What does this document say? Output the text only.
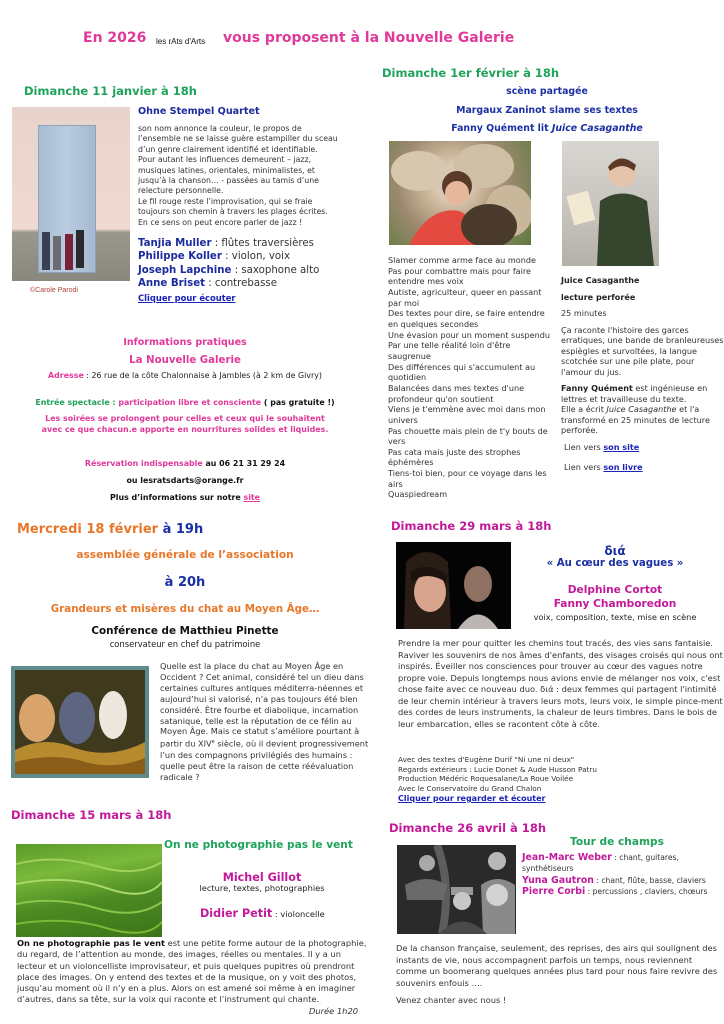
En 2026 les rAts d'Arts vous proposent à la Nouvelle Galerie
Dimanche 11 janvier à 18h
©Carole Parodi
Ohne Stempel Quartet
son nom annonce la couleur, le propos de
l’ensemble ne se laisse guère estampiller du sceau
d’un genre clairement identifié et identifiable.
Pour autant les influences demeurent – jazz,
musiques latines, orientales, minimalistes, et
jusqu’à la chanson… - passées au tamis d’une
relecture personnelle.
Le fil rouge reste l’improvisation, qui se fraie
toujours son chemin à travers les plages écrites.
En ce sens on peut encore parler de jazz !
Tanjia Muller : flûtes traversières
Philippe Koller : violon, voix
Joseph Lapchine : saxophone alto
Anne Briset : contrebasse
Cliquer pour écouter
Informations pratiques
La Nouvelle Galerie
Adresse : 26 rue de la côte Chalonnaise à Jambles (à 2 km de Givry)
Entrée spectacle : participation libre et consciente ( pas gratuite !)
Les soirées se prolongent pour celles et ceux qui le souhaitent
avec ce que chacun.e apporte en nourritures solides et liquides.
Réservation indispensable au 06 21 31 29 24
ou lesratsdarts@orange.fr
Plus d’informations sur notre site
Dimanche 1er février à 18h
scène partagée
Margaux Zaninot slame ses textes
Fanny Quément lit Juice Casaganthe
Slamer comme arme face au monde
Pas pour combattre mais pour faire entendre mes voix
Autiste, agriculteur, queer en passant par moi
Des textes pour dire, se faire entendre en quelques secondes
Une évasion pour un moment suspendu
Par une telle réalité loin d'être saugrenue
Des différences qui s'accumulent au quotidien
Balancées dans mes textes d'une profondeur qu'on soutient
Viens je t'emmène avec moi dans mon univers
Pas chouette mais plein de t'y bouts de vers
Pas cata mais juste des strophes éphémères
Tiens-toi bien, pour ce voyage dans les airs
Quaspiedream
Juice Casaganthe
lecture perforée

25 minutes

Ça raconte l'histoire des garces erratiques, une bande de branleureuses espiègles et survoltées, la langue scotchée sur une pile plate, pour l'amour du jus.

Fanny Quément est ingénieuse en lettres et travailleuse du texte.

Elle a écrit Juice Casaganthe et l'a transformé en 25 minutes de lecture perforée.

Lien vers son site

Lien vers son livre

Mercredi 18 février à 19h
assemblée générale de l’association
à 20h
Grandeurs et misères du chat au Moyen Âge…
Conférence de Matthieu Pinette
conservateur en chef du patrimoine
Quelle est la place du chat au Moyen Âge en Occident ? Cet animal, considéré tel un dieu dans certaines cultures antiques méditerra-néennes et aujourd’hui si valorisé, n’a pas toujours été bien considéré. Être fourbe et diabolique, incarnation satanique, telle est la réputation de ce félin au Moyen Âge. Mais ce statut s’améliore pourtant à partir du XIVe siècle, où il devient progressivement l’un des compagnons privilégiés des humains : quelle peut être la raison de cette réévaluation radicale ?
Dimanche 15 mars à 18h
On ne photographie pas le vent
Michel Gillot
lecture, textes, photographies
Didier Petit : violoncelle
On ne photographie pas le vent est une petite forme autour de la photographie, du regard, de l’attention au monde, des images, réelles ou mentales. Il y a un lecteur et un violoncelliste improvisateur, et puis quelques pupitres où prendront place des images. On y entend des textes et de la musique, on y voit des photos, jusqu’au moment où il n’y en a plus. Alors on est amené soi même à en imaginer d’autres, dans sa tête, sur la voix qui raconte et l’instrument qui chante.
Durée 1h20
Dimanche 29 mars à 18h
διά
« Au cœur des vagues »
Delphine Cortot
Fanny Chamboredon
voix, composition, texte, mise en scène
Prendre la mer pour quitter les chemins tout tracés, des vies sans fantaisie. Raviver les souvenirs de nos âmes d'enfants, des visages croisés qui nous ont inspirés. Éveiller nos consciences pour trouver au cœur des vagues notre propre voie. Depuis longtemps nous avions envie de mélanger nos voix, c'est chose faite avec ce nouveau duo. διά : deux femmes qui partagent l'intimité de leur chemin intérieur à travers leurs mots, leurs voix, le simple pince-ment des cordes de leurs instruments, la chaleur de leurs timbres. Dans le bois de leur embarcation, elles se racontent côte à côte.
Avec des textes d'Eugène Durif "Ni une ni deux"
Regards extérieurs : Lucie Donet & Aude Husson Patru
Production Médéric Roquesalane/La Roue Voilée
Avec le Conservatoire du Grand Chalon
Cliquer pour regarder et écouter
Dimanche 26 avril à 18h
Tour de champs
Jean-Marc Weber : chant, guitares, synthétiseurs
Yuna Gautron : chant, flûte, basse, claviers
Pierre Corbi : percussions , claviers, chœurs
De la chanson française, seulement, des reprises, des airs qui soulignent des instants de vie, nous accompagnent parfois un temps, nous reviennent comme un boomerang quelques années plus tard pour nous faire revivre des souvenirs enfouis ….
Venez chanter avec nous !
